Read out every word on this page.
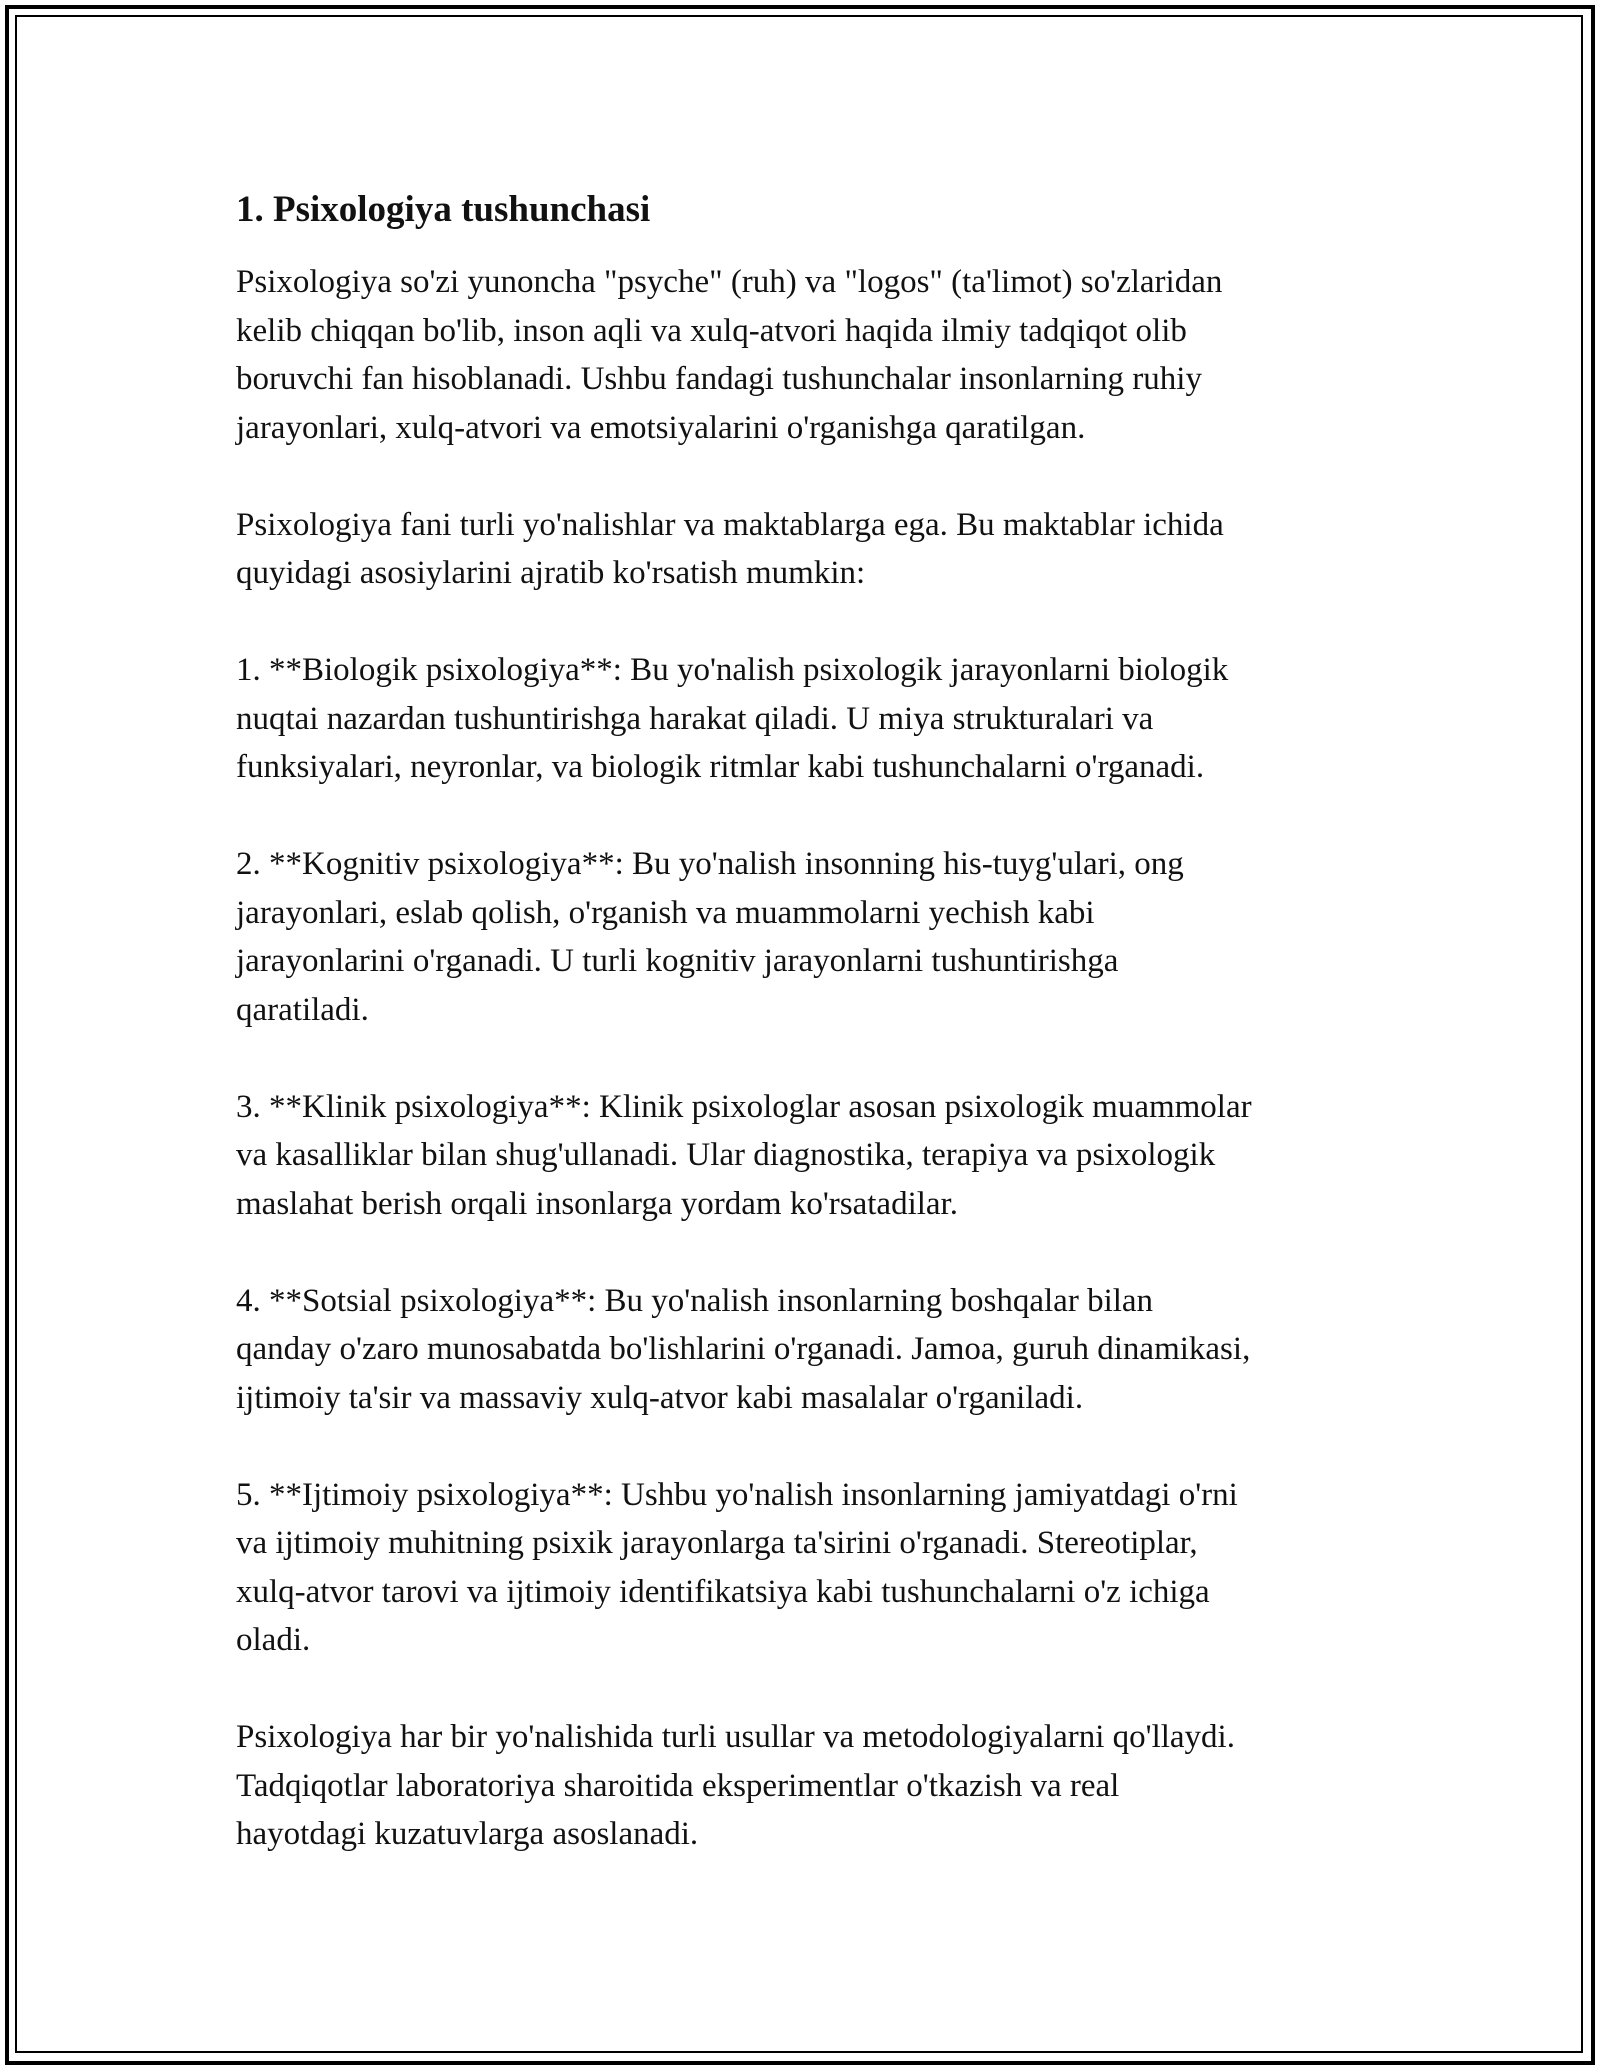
1. Psixologiya tushunchasi

Psixologiya so'zi yunoncha "psyche" (ruh) va "logos" (ta'limot) so'zlaridan
kelib chiqqan bo'lib, inson aqli va xulq-atvori haqida ilmiy tadqiqot olib
boruvchi fan hisoblanadi. Ushbu fandagi tushunchalar insonlarning ruhiy
jarayonlari, xulq-atvori va emotsiyalarini o'rganishga qaratilgan.

Psixologiya fani turli yo'nalishlar va maktablarga ega. Bu maktablar ichida
quyidagi asosiylarini ajratib ko'rsatish mumkin:

1. **Biologik psixologiya**: Bu yo'nalish psixologik jarayonlarni biologik
nuqtai nazardan tushuntirishga harakat qiladi. U miya strukturalari va
funksiyalari, neyronlar, va biologik ritmlar kabi tushunchalarni o'rganadi.

2. **Kognitiv psixologiya**: Bu yo'nalish insonning his-tuyg'ulari, ong
jarayonlari, eslab qolish, o'rganish va muammolarni yechish kabi
jarayonlarini o'rganadi. U turli kognitiv jarayonlarni tushuntirishga
qaratiladi.

3. **Klinik psixologiya**: Klinik psixologlar asosan psixologik muammolar
va kasalliklar bilan shug'ullanadi. Ular diagnostika, terapiya va psixologik
maslahat berish orqali insonlarga yordam ko'rsatadilar.

4. **Sotsial psixologiya**: Bu yo'nalish insonlarning boshqalar bilan
qanday o'zaro munosabatda bo'lishlarini o'rganadi. Jamoa, guruh dinamikasi,
ijtimoiy ta'sir va massaviy xulq-atvor kabi masalalar o'rganiladi.

5. **Ijtimoiy psixologiya**: Ushbu yo'nalish insonlarning jamiyatdagi o'rni
va ijtimoiy muhitning psixik jarayonlarga ta'sirini o'rganadi. Stereotiplar,
xulq-atvor tarovi va ijtimoiy identifikatsiya kabi tushunchalarni o'z ichiga
oladi.

Psixologiya har bir yo'nalishida turli usullar va metodologiyalarni qo'llaydi.
Tadqiqotlar laboratoriya sharoitida eksperimentlar o'tkazish va real
hayotdagi kuzatuvlarga asoslanadi.
